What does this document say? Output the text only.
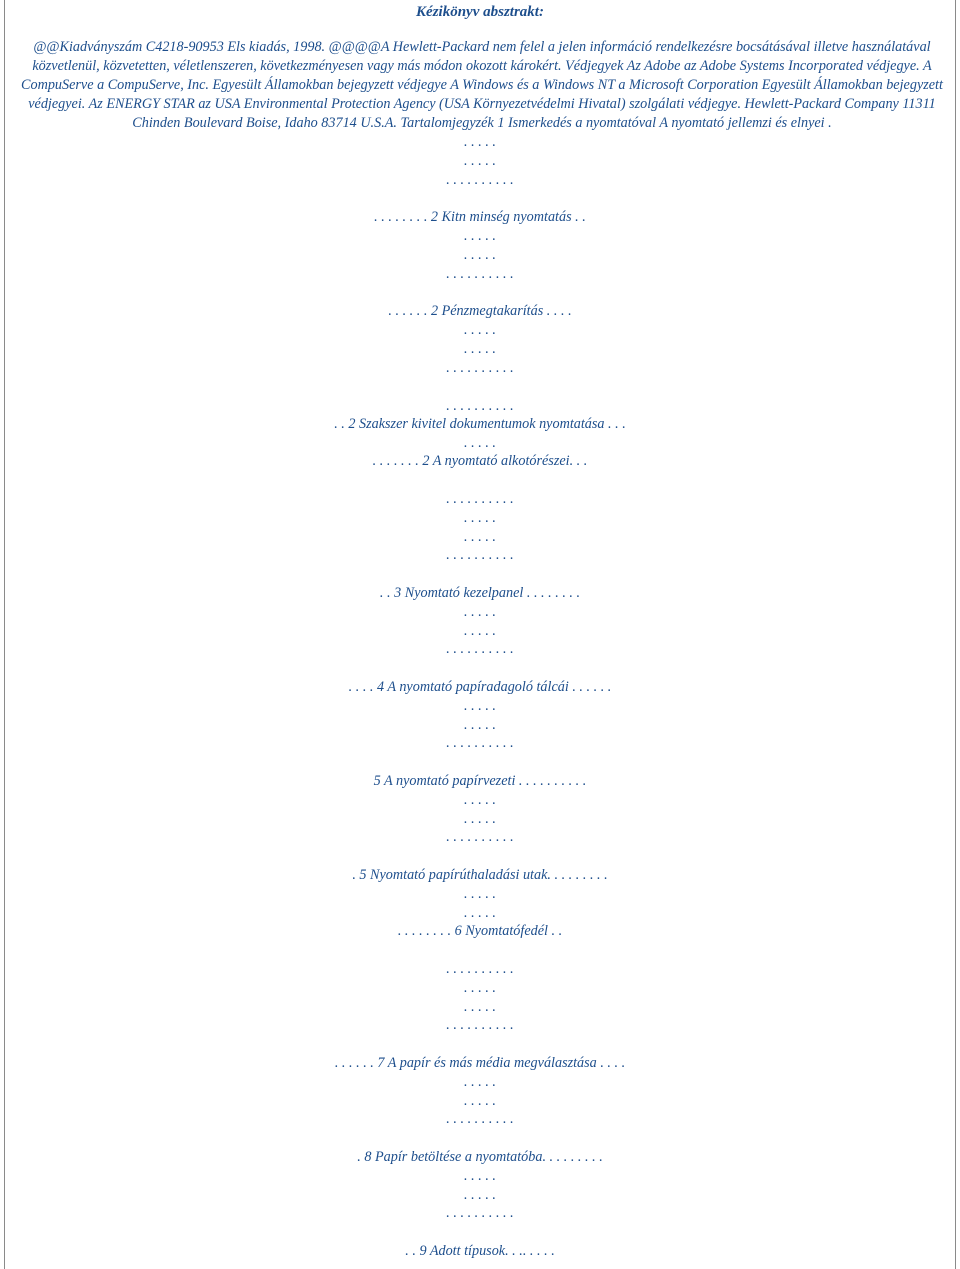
Kézikönyv absztrakt:
@@Kiadványszám C4218-90953 Els kiadás, 1998. @@@@A Hewlett-Packard nem felel a jelen információ rendelkezésre bocsátásával illetve használatával közvetlenül, közvetetten, véletlenszeren, következményesen vagy más módon okozott károkért. Védjegyek Az Adobe az Adobe Systems Incorporated védjegye. A CompuServe a CompuServe, Inc. Egyesült Államokban bejegyzett védjegye A Windows és a Windows NT a Microsoft Corporation Egyesült Államokban bejegyzett védjegyei. Az ENERGY STAR az USA Environmental Protection Agency (USA Környezetvédelmi Hivatal) szolgálati védjegye. Hewlett-Packard Company 11311 Chinden Boulevard Boise, Idaho 83714 U.S.A. Tartalomjegyzék 1 Ismerkedés a nyomtatóval A nyomtató jellemzi és elnyei .
. . . . .
. . . . .
. . . . . . . . . .
. . . . . . . . 2 Kitn minség nyomtatás . .
. . . . .
. . . . .
. . . . . . . . . .
. . . . . . 2 Pénzmegtakarítás . . . .
. . . . .
. . . . .
. . . . . . . . . .
. . . . . . . . . .
. . 2 Szakszer kivitel dokumentumok nyomtatása . . .
. . . . .
. . . . . . . 2 A nyomtató alkotórészei. . .
. . . . . . . . . .
. . . . .
. . . . .
. . . . . . . . . .
. . 3 Nyomtató kezelpanel . . . . . . . .
. . . . .
. . . . .
. . . . . . . . . .
. . . . 4 A nyomtató papíradagoló tálcái . . . . . .
. . . . .
. . . . .
. . . . . . . . . .
5 A nyomtató papírvezeti . . . . . . . . . .
. . . . .
. . . . .
. . . . . . . . . .
. 5 Nyomtató papírúthaladási utak. . . . . . . . .
. . . . .
. . . . .
. . . . . . . . 6 Nyomtatófedél . .
. . . . . . . . . .
. . . . .
. . . . .
. . . . . . . . . .
. . . . . . 7 A papír és más média megválasztása . . . .
. . . . .
. . . . .
. . . . . . . . . .
. 8 Papír betöltése a nyomtatóba. . . . . . . . .
. . . . .
. . . . .
. . . . . . . . . .
. . 9 Adott típusok. . .. . . . .
